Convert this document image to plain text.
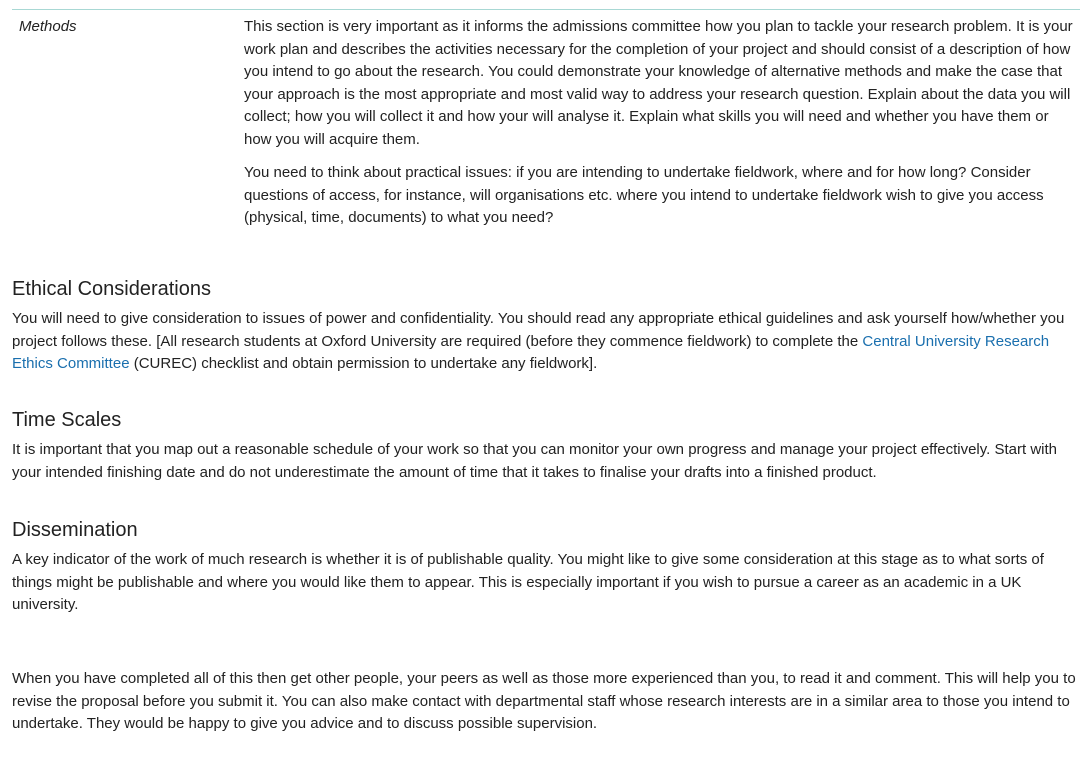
Methods	This section is very important as it informs the admissions committee how you plan to tackle your research problem. It is your work plan and describes the activities necessary for the completion of your project and should consist of a description of how you intend to go about the research. You could demonstrate your knowledge of alternative methods and make the case that your approach is the most appropriate and most valid way to address your research question. Explain about the data you will collect; how you will collect it and how your will analyse it. Explain what skills you will need and whether you have them or how you will acquire them.

You need to think about practical issues: if you are intending to undertake fieldwork, where and for how long? Consider questions of access, for instance, will organisations etc. where you intend to undertake fieldwork wish to give you access (physical, time, documents) to what you need?

Ethical Considerations

You will need to give consideration to issues of power and confidentiality. You should read any appropriate ethical guidelines and ask yourself how/whether you project follows these. [All research students at Oxford University are required (before they commence fieldwork) to complete the Central University Research Ethics Committee (CUREC) checklist and obtain permission to undertake any fieldwork].

Time Scales

It is important that you map out a reasonable schedule of your work so that you can monitor your own progress and manage your project effectively. Start with your intended finishing date and do not underestimate the amount of time that it takes to finalise your drafts into a finished product.

Dissemination

A key indicator of the work of much research is whether it is of publishable quality. You might like to give some consideration at this stage as to what sorts of things might be publishable and where you would like them to appear. This is especially important if you wish to pursue a career as an academic in a UK university.

When you have completed all of this then get other people, your peers as well as those more experienced than you, to read it and comment. This will help you to revise the proposal before you submit it. You can also make contact with departmental staff whose research interests are in a similar area to those you intend to undertake. They would be happy to give you advice and to discuss possible supervision.
